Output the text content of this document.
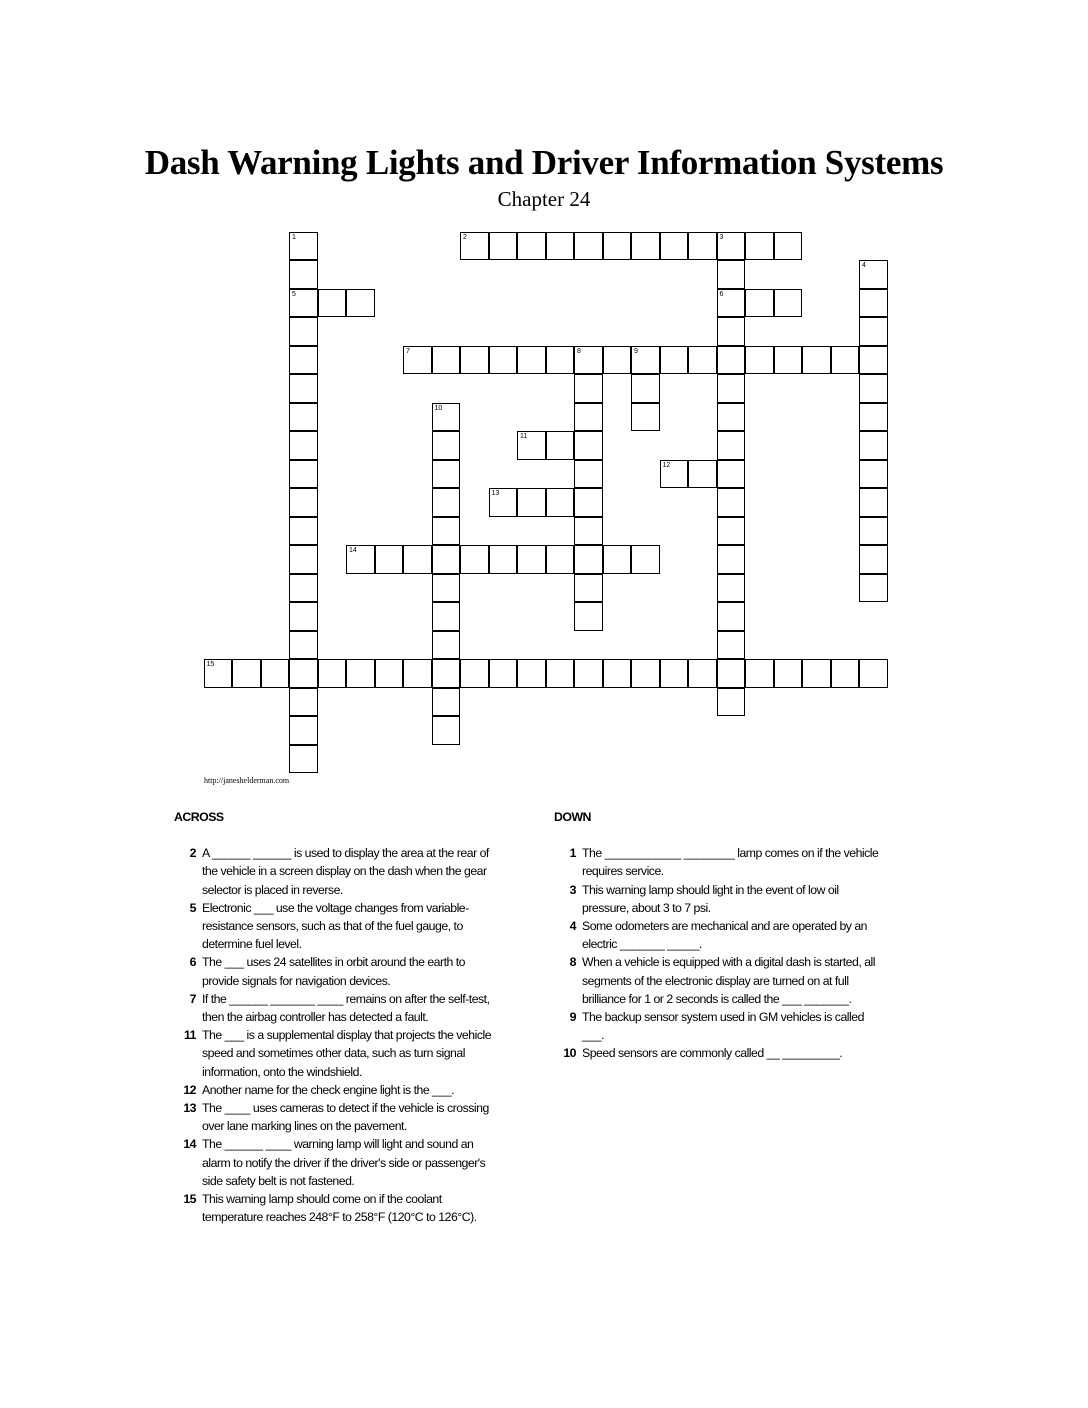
Dash Warning Lights and Driver Information Systems
Chapter 24
1
5
2	3
6
4
7	8	9
10
11
12
13
14
15
http://janeshelderman.com
ACROSS
2 A ______ ______ is used to display the area at the rear of the vehicle in a screen display on the dash when the gear selector is placed in reverse.
5 Electronic ___ use the voltage changes from variable-resistance sensors, such as that of the fuel gauge, to determine fuel level.
6 The ___ uses 24 satellites in orbit around the earth to provide signals for navigation devices.
7 If the ______ _______ ____ remains on after the self-test, then the airbag controller has detected a fault.
11 The ___ is a supplemental display that projects the vehicle speed and sometimes other data, such as turn signal information, onto the windshield.
12 Another name for the check engine light is the ___.
13 The ____ uses cameras to detect if the vehicle is crossing over lane marking lines on the pavement.
14 The ______ ____ warning lamp will light and sound an alarm to notify the driver if the driver's side or passenger's side safety belt is not fastened.
15 This warning lamp should come on if the coolant temperature reaches 248°F to 258°F (120°C to 126°C).
DOWN
1 The ____________ ________ lamp comes on if the vehicle requires service.
3 This warning lamp should light in the event of low oil pressure, about 3 to 7 psi.
4 Some odometers are mechanical and are operated by an electric _______ _____.
8 When a vehicle is equipped with a digital dash is started, all segments of the electronic display are turned on at full brilliance for 1 or 2 seconds is called the ___ _______.
9 The backup sensor system used in GM vehicles is called ___.
10 Speed sensors are commonly called __ _________.
